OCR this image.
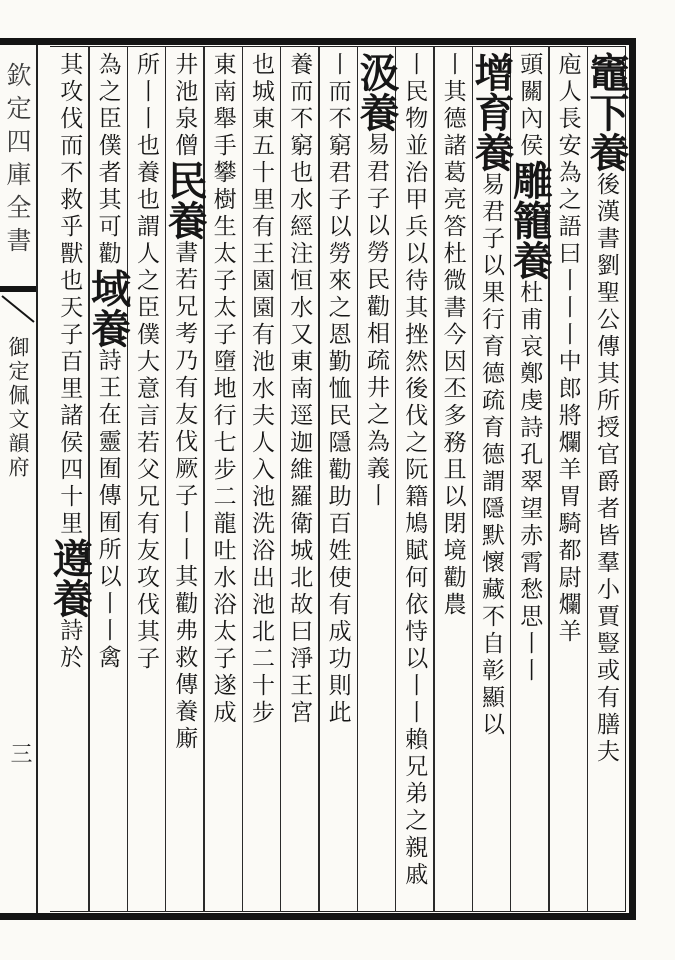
欽定四庫全書
御定佩文韻府
三
竈下養後漢書劉聖公傳其所授官爵者皆羣小賈豎或有膳夫
庖人長安為之語曰丨丨丨中郎將爛羊胃騎都尉爛羊
頭關內侯雕籠養杜甫哀鄭虔詩孔翠望赤霄愁思丨丨
增育養易君子以果行育德疏育德謂隱默懷藏不自彰顯以
丨其德諸葛亮答杜微書今因丕多務且以閉境勸農
丨民物並治甲兵以待其挫然後伐之阮籍鳩賦何依恃以丨丨賴兄弟之親戚
汲養易君子以勞民勸相疏井之為義丨
丨而不窮君子以勞來之恩勤恤民隱勸助百姓使有成功則此
養而不窮也水經注恒水又東南逕迦維羅衛城北故曰淨王宮
也城東五十里有王園園有池水夫人入池洗浴出池北二十步
東南舉手攀樹生太子太子墮地行七步二龍吐水浴太子遂成
井池泉僧民養書若兄考乃有友伐厥子丨丨其勸弗救傳養廝
所丨丨也養也謂人之臣僕大意言若父兄有友攻伐其子
為之臣僕者其可勸域養詩王在靈囿傳囿所以丨丨禽
其攻伐而不救乎獸也天子百里諸侯四十里遵養詩於
